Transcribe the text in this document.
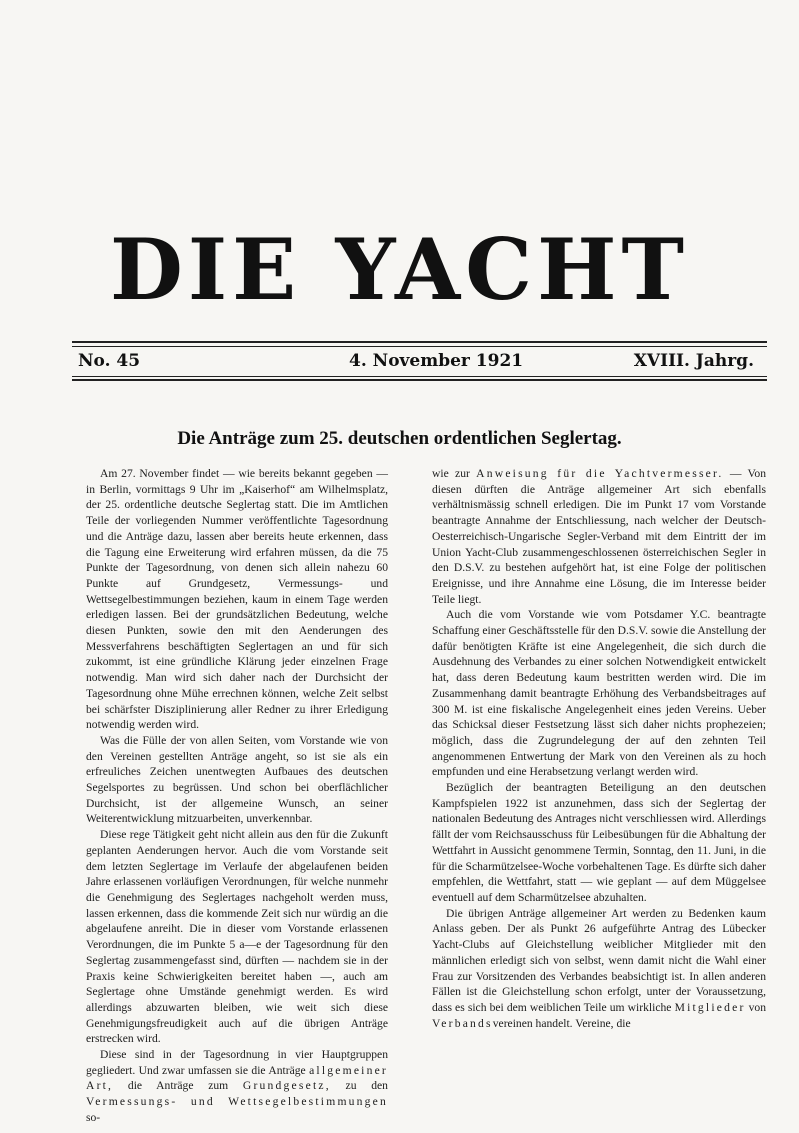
DIE YACHT
No. 45	4. November 1921	XVIII. Jahrg.
Die Anträge zum 25. deutschen ordentlichen Seglertag.

Am 27. November findet — wie bereits bekannt gegeben — in Berlin, vormittags 9 Uhr im „Kaiserhof“ am Wilhelmsplatz, der 25. ordentliche deutsche Seglertag statt. Die im Amtlichen Teile der vorliegenden Nummer veröffentlichte Tagesordnung und die Anträge dazu, lassen aber bereits heute erkennen, dass die Tagung eine Erweiterung wird erfahren müssen, da die 75 Punkte der Tagesordnung, von denen sich allein nahezu 60 Punkte auf Grundgesetz, Vermessungs- und Wettsegelbestimmungen beziehen, kaum in einem Tage werden erledigen lassen. Bei der grundsätzlichen Bedeutung, welche diesen Punkten, sowie den mit den Aenderungen des Messverfahrens beschäftigten Seglertagen an und für sich zukommt, ist eine gründliche Klärung jeder einzelnen Frage notwendig. Man wird sich daher nach der Durchsicht der Tagesordnung ohne Mühe errechnen können, welche Zeit selbst bei schärfster Disziplinierung aller Redner zu ihrer Erledigung notwendig werden wird.

Was die Fülle der von allen Seiten, vom Vorstande wie von den Vereinen gestellten Anträge angeht, so ist sie als ein erfreuliches Zeichen unentwegten Aufbaues des deutschen Segelsportes zu begrüssen. Und schon bei oberflächlicher Durchsicht, ist der allgemeine Wunsch, an seiner Weiterentwicklung mitzuarbeiten, unverkennbar.

Diese rege Tätigkeit geht nicht allein aus den für die Zukunft geplanten Aenderungen hervor. Auch die vom Vorstande seit dem letzten Seglertage im Verlaufe der abgelaufenen beiden Jahre erlassenen vorläufigen Verordnungen, für welche nunmehr die Genehmigung des Seglertages nachgeholt werden muss, lassen erkennen, dass die kommende Zeit sich nur würdig an die abgelaufene anreiht. Die in dieser vom Vorstande erlassenen Verordnungen, die im Punkte 5 a—e der Tagesordnung für den Seglertag zusammengefasst sind, dürften — nachdem sie in der Praxis keine Schwierigkeiten bereitet haben —, auch am Seglertage ohne Umstände genehmigt werden. Es wird allerdings abzuwarten bleiben, wie weit sich diese Genehmigungsfreudigkeit auch auf die übrigen Anträge erstrecken wird.

Diese sind in der Tagesordnung in vier Hauptgruppen gegliedert. Und zwar umfassen sie die Anträge allgemeiner Art, die Anträge zum Grundgesetz, zu den Vermessungs- und Wettsegelbestimmungen so-

wie zur Anweisung für die Yachtvermesser. — Von diesen dürften die Anträge allgemeiner Art sich ebenfalls verhältnismässig schnell erledigen. Die im Punkt 17 vom Vorstande beantragte Annahme der Entschliessung, nach welcher der Deutsch-Oesterreichisch-Ungarische Segler-Verband mit dem Eintritt der im Union Yacht-Club zusammengeschlossenen österreichischen Segler in den D.S.V. zu bestehen aufgehört hat, ist eine Folge der politischen Ereignisse, und ihre Annahme eine Lösung, die im Interesse beider Teile liegt.

Auch die vom Vorstande wie vom Potsdamer Y.C. beantragte Schaffung einer Geschäftsstelle für den D.S.V. sowie die Anstellung der dafür benötigten Kräfte ist eine Angelegenheit, die sich durch die Ausdehnung des Verbandes zu einer solchen Notwendigkeit entwickelt hat, dass deren Bedeutung kaum bestritten werden wird. Die im Zusammenhang damit beantragte Erhöhung des Verbandsbeitrages auf 300 M. ist eine fiskalische Angelegenheit eines jeden Vereins. Ueber das Schicksal dieser Festsetzung lässt sich daher nichts prophezeien; möglich, dass die Zugrundelegung der auf den zehnten Teil angenommenen Entwertung der Mark von den Vereinen als zu hoch empfunden und eine Herabsetzung verlangt werden wird.

Bezüglich der beantragten Beteiligung an den deutschen Kampfspielen 1922 ist anzunehmen, dass sich der Seglertag der nationalen Bedeutung des Antrages nicht verschliessen wird. Allerdings fällt der vom Reichsausschuss für Leibesübungen für die Abhaltung der Wettfahrt in Aussicht genommene Termin, Sonntag, den 11. Juni, in die für die Scharmützelsee-Woche vorbehaltenen Tage. Es dürfte sich daher empfehlen, die Wettfahrt, statt — wie geplant — auf dem Müggelsee eventuell auf dem Scharmützelsee abzuhalten.

Die übrigen Anträge allgemeiner Art werden zu Bedenken kaum Anlass geben. Der als Punkt 26 aufgeführte Antrag des Lübecker Yacht-Clubs auf Gleichstellung weiblicher Mitglieder mit den männlichen erledigt sich von selbst, wenn damit nicht die Wahl einer Frau zur Vorsitzenden des Verbandes beabsichtigt ist. In allen anderen Fällen ist die Gleichstellung schon erfolgt, unter der Voraussetzung, dass es sich bei dem weiblichen Teile um wirkliche Mitglieder von Verbandsvereinen handelt. Vereine, die
